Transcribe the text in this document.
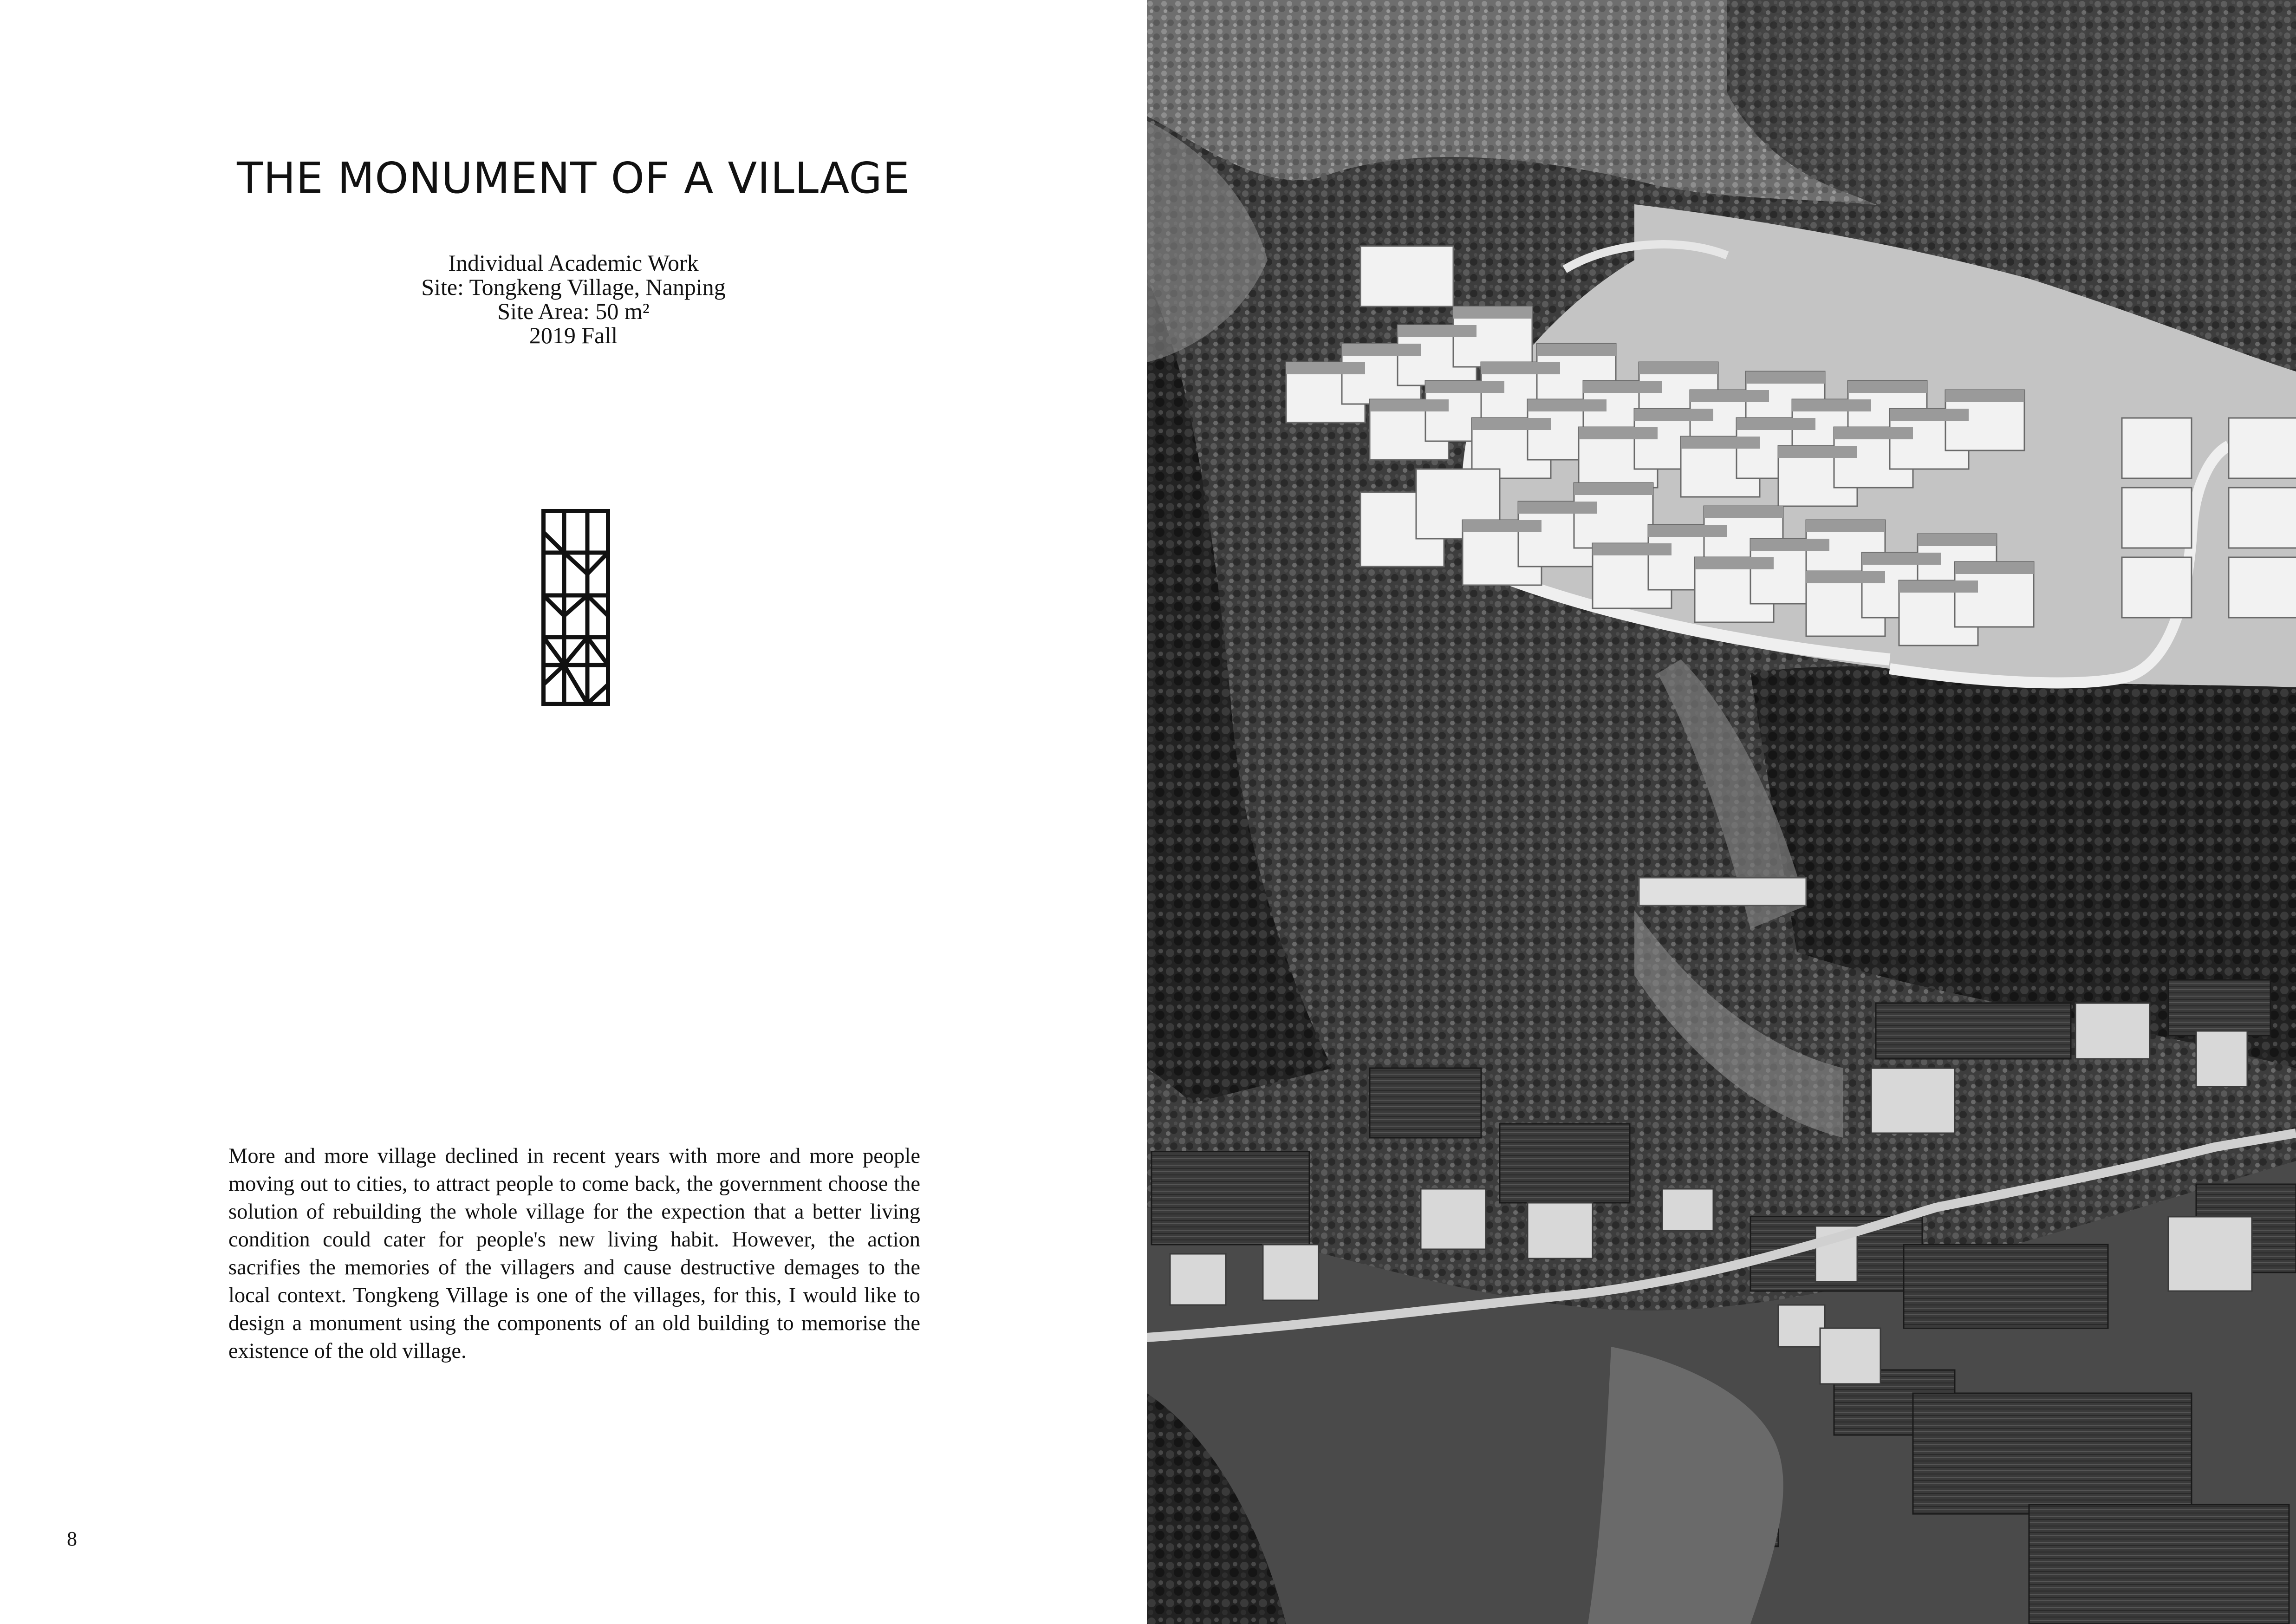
THE MONUMENT OF A VILLAGE
Individual Academic Work
Site: Tongkeng Village, Nanping
Site Area: 50 m²
2019 Fall

More and more village declined in recent years with more and more people moving out to cities, to attract people to come back, the government choose the solution of rebuilding the whole village for the expection that a better living condition could cater for people's new living habit. However, the action sacrifies the memories of the villagers and cause destructive demages to the local context. Tongkeng Village is one of the villages, for this, I would like to design a monument using the components of an old building to memorise the existence of the old village.

8
